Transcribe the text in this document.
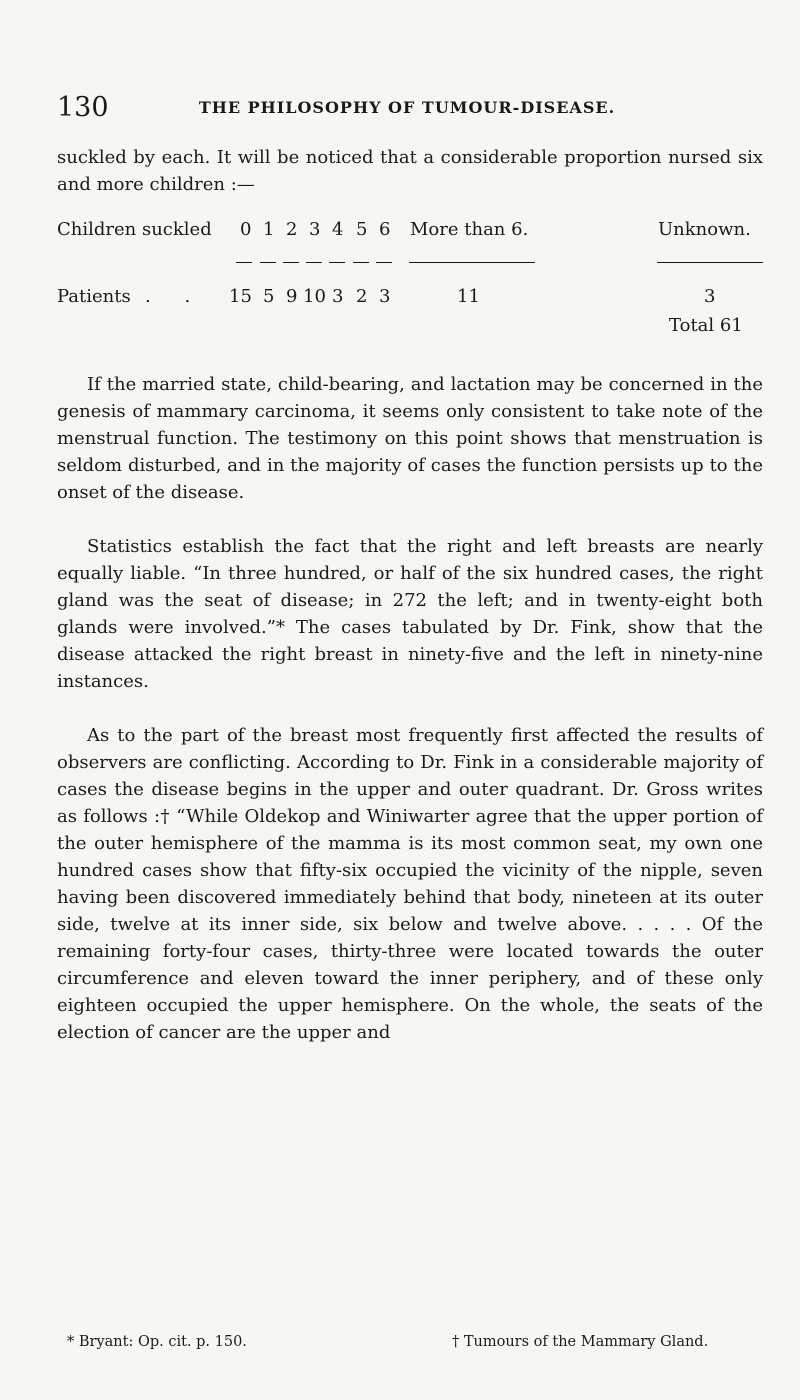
130	THE PHILOSOPHY OF TUMOUR-DISEASE.

suckled by each. It will be noticed that a considerable proportion nursed six and more children :—

Children suckled 0 1 2 3 4 5 6 More than 6.	Unknown.
Patients . . 15 5 9 10 3 2 3	11	3
Total 61

If the married state, child-bearing, and lactation may be concerned in the genesis of mammary carcinoma, it seems only consistent to take note of the menstrual function. The testimony on this point shows that menstruation is seldom disturbed, and in the majority of cases the function persists up to the onset of the disease.

Statistics establish the fact that the right and left breasts are nearly equally liable. “In three hundred, or half of the six hundred cases, the right gland was the seat of disease; in 272 the left; and in twenty-eight both glands were involved.”* The cases tabulated by Dr. Fink, show that the disease attacked the right breast in ninety-five and the left in ninety-nine instances.

As to the part of the breast most frequently first affected the results of observers are conflicting. According to Dr. Fink in a considerable majority of cases the disease begins in the upper and outer quadrant. Dr. Gross writes as follows :† “While Oldekop and Winiwarter agree that the upper portion of the outer hemisphere of the mamma is its most common seat, my own one hundred cases show that fifty-six occupied the vicinity of the nipple, seven having been discovered immediately behind that body, nineteen at its outer side, twelve at its inner side, six below and twelve above. . . . . Of the remaining forty-four cases, thirty-three were located towards the outer circumference and eleven toward the inner periphery, and of these only eighteen occupied the upper hemisphere. On the whole, the seats of the election of cancer are the upper and

* Bryant: Op. cit. p. 150.	† Tumours of the Mammary Gland.
